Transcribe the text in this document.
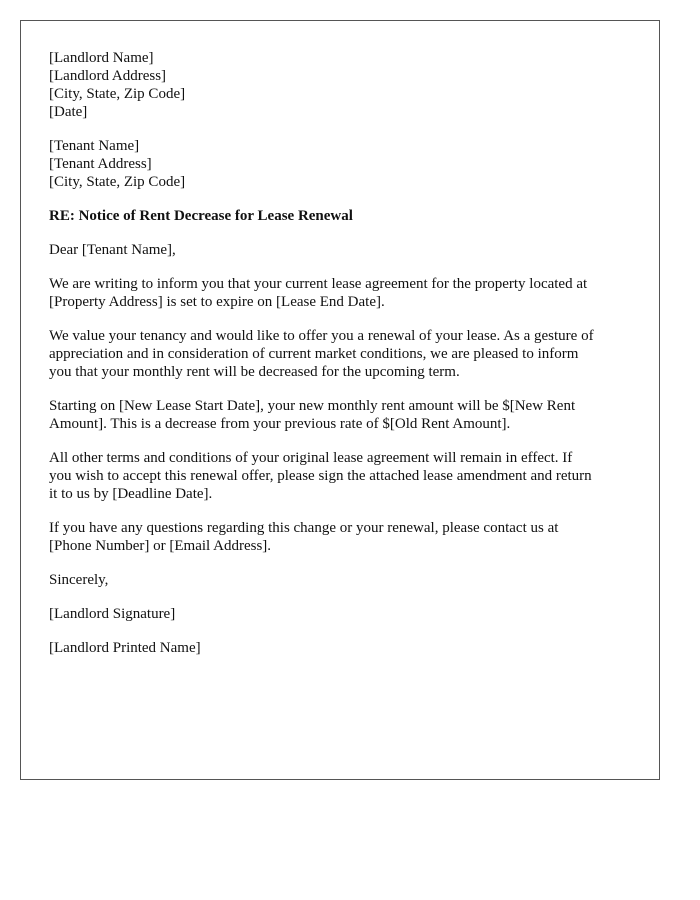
[Landlord Name]
[Landlord Address]
[City, State, Zip Code]
[Date]
[Tenant Name]
[Tenant Address]
[City, State, Zip Code]
RE: Notice of Rent Decrease for Lease Renewal
Dear [Tenant Name],
We are writing to inform you that your current lease agreement for the property located at
[Property Address] is set to expire on [Lease End Date].
We value your tenancy and would like to offer you a renewal of your lease. As a gesture of
appreciation and in consideration of current market conditions, we are pleased to inform
you that your monthly rent will be decreased for the upcoming term.
Starting on [New Lease Start Date], your new monthly rent amount will be $[New Rent
Amount]. This is a decrease from your previous rate of $[Old Rent Amount].
All other terms and conditions of your original lease agreement will remain in effect. If
you wish to accept this renewal offer, please sign the attached lease amendment and return
it to us by [Deadline Date].
If you have any questions regarding this change or your renewal, please contact us at
[Phone Number] or [Email Address].
Sincerely,
[Landlord Signature]
[Landlord Printed Name]
